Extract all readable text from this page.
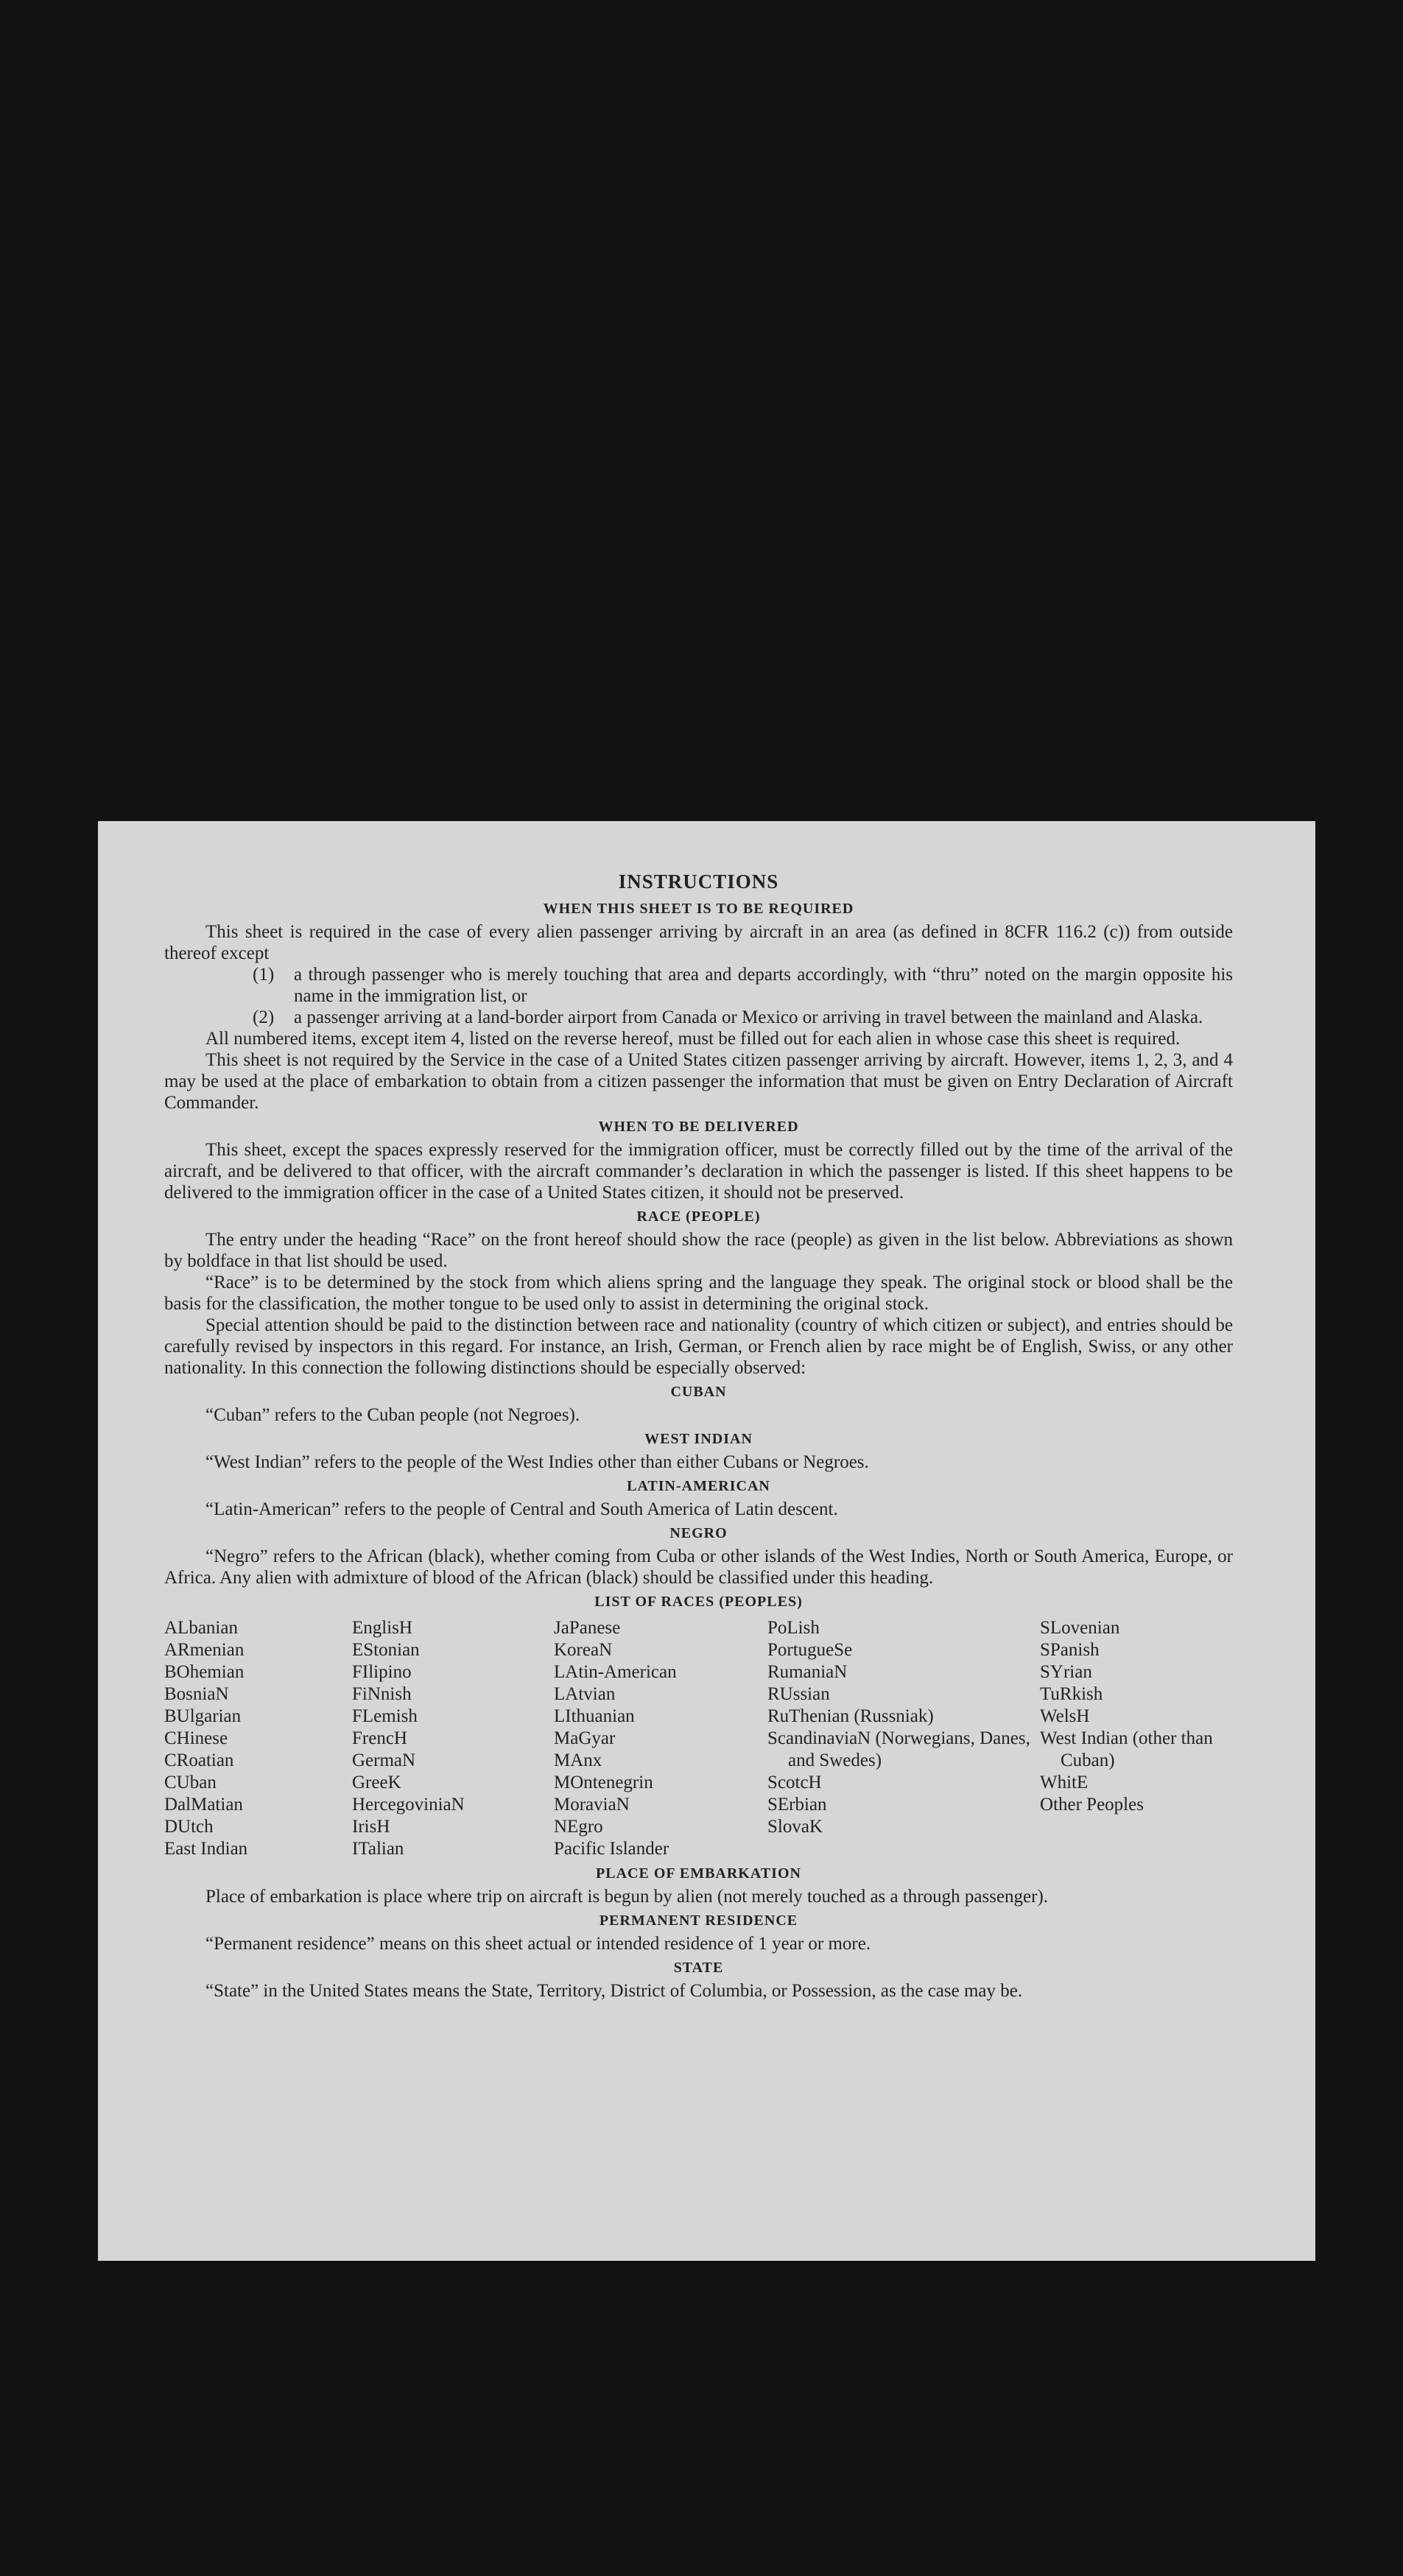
INSTRUCTIONS
WHEN THIS SHEET IS TO BE REQUIRED

This sheet is required in the case of every alien passenger arriving by aircraft in an area (as defined in 8CFR 116.2 (c)) from outside thereof except

(1)	a through passenger who is merely touching that area and departs accordingly, with “thru” noted on the margin opposite his name in the immigration list, or
(2)	a passenger arriving at a land-border airport from Canada or Mexico or arriving in travel between the mainland and Alaska.

All numbered items, except item 4, listed on the reverse hereof, must be filled out for each alien in whose case this sheet is required.

This sheet is not required by the Service in the case of a United States citizen passenger arriving by aircraft. However, items 1, 2, 3, and 4 may be used at the place of embarkation to obtain from a citizen passenger the information that must be given on Entry Declaration of Aircraft Commander.

WHEN TO BE DELIVERED

This sheet, except the spaces expressly reserved for the immigration officer, must be correctly filled out by the time of the arrival of the aircraft, and be delivered to that officer, with the aircraft commander’s declaration in which the passenger is listed. If this sheet happens to be delivered to the immigration officer in the case of a United States citizen, it should not be preserved.

RACE (PEOPLE)

The entry under the heading “Race” on the front hereof should show the race (people) as given in the list below. Abbreviations as shown by boldface in that list should be used.

“Race” is to be determined by the stock from which aliens spring and the language they speak. The original stock or blood shall be the basis for the classification, the mother tongue to be used only to assist in determining the original stock.

Special attention should be paid to the distinction between race and nationality (country of which citizen or subject), and entries should be carefully revised by inspectors in this regard. For instance, an Irish, German, or French alien by race might be of English, Swiss, or any other nationality. In this connection the following distinctions should be especially observed:

CUBAN

“Cuban” refers to the Cuban people (not Negroes).

WEST INDIAN

“West Indian” refers to the people of the West Indies other than either Cubans or Negroes.

LATIN-AMERICAN

“Latin-American” refers to the people of Central and South America of Latin descent.

NEGRO

“Negro” refers to the African (black), whether coming from Cuba or other islands of the West Indies, North or South America, Europe, or Africa. Any alien with admixture of blood of the African (black) should be classified under this heading.

LIST OF RACES (PEOPLES)
ALbanian
ARmenian
BOhemian
BosniaN
BUlgarian
CHinese
CRoatian
CUban
DalMatian
DUtch
East Indian
EnglisH
EStonian
FIlipino
FiNnish
FLemish
FrencH
GermaN
GreeK
HercegoviniaN
IrisH
ITalian
JaPanese
KoreaN
LAtin-American
LAtvian
LIthuanian
MaGyar
MAnx
MOntenegrin
MoraviaN
NEgro
Pacific Islander
PoLish
PortugueSe
RumaniaN
RUssian
RuThenian (Russniak)
ScandinaviaN (Norwegians, Danes, and Swedes)
ScotcH
SErbian
SlovaK
SLovenian
SPanish
SYrian
TuRkish
WelsH
West Indian (other than Cuban)
WhitE
Other Peoples
PLACE OF EMBARKATION

Place of embarkation is place where trip on aircraft is begun by alien (not merely touched as a through passenger).

PERMANENT RESIDENCE

“Permanent residence” means on this sheet actual or intended residence of 1 year or more.

STATE

“State” in the United States means the State, Territory, District of Columbia, or Possession, as the case may be.
